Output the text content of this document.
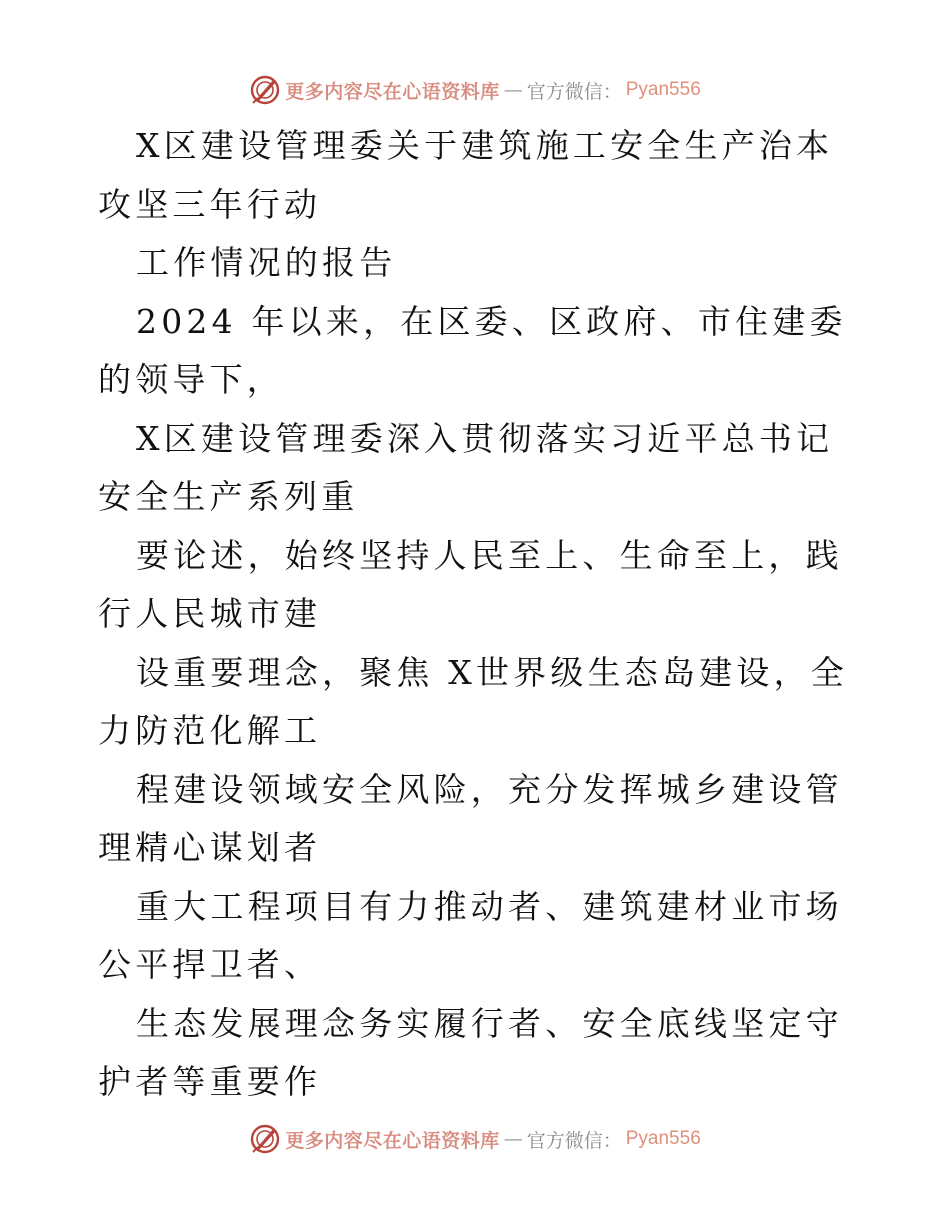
更多内容尽在心语资料库 — 官方微信： Pyan556

X区建设管理委关于建筑施工安全生产治本攻坚三年行动

工作情况的报告

2024 年以来，在区委、区政府、市住建委的领导下，

X区建设管理委深入贯彻落实习近平总书记安全生产系列重

要论述，始终坚持人民至上、生命至上，践行人民城市建

设重要理念，聚焦 X世界级生态岛建设，全力防范化解工

程建设领域安全风险，充分发挥城乡建设管理精心谋划者

重大工程项目有力推动者、建筑建材业市场公平捍卫者、

生态发展理念务实履行者、安全底线坚定守护者等重要作

更多内容尽在心语资料库 — 官方微信： Pyan556
